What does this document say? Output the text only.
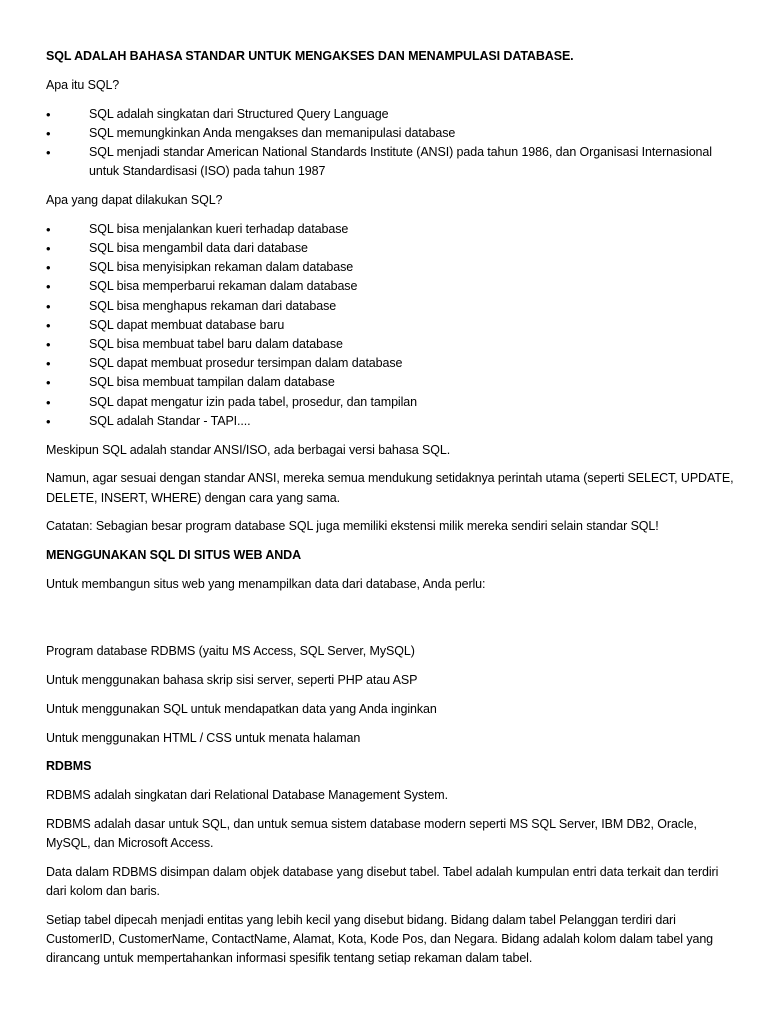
SQL ADALAH BAHASA STANDAR UNTUK MENGAKSES DAN MENAMPULASI DATABASE.

Apa itu SQL?

•	SQL adalah singkatan dari Structured Query Language
•	SQL memungkinkan Anda mengakses dan memanipulasi database
•	SQL menjadi standar American National Standards Institute (ANSI) pada tahun 1986, dan Organisasi Internasional untuk Standardisasi (ISO) pada tahun 1987

Apa yang dapat dilakukan SQL?

•	SQL bisa menjalankan kueri terhadap database
•	SQL bisa mengambil data dari database
•	SQL bisa menyisipkan rekaman dalam database
•	SQL bisa memperbarui rekaman dalam database
•	SQL bisa menghapus rekaman dari database
•	SQL dapat membuat database baru
•	SQL bisa membuat tabel baru dalam database
•	SQL dapat membuat prosedur tersimpan dalam database
•	SQL bisa membuat tampilan dalam database
•	SQL dapat mengatur izin pada tabel, prosedur, dan tampilan
•	SQL adalah Standar - TAPI....

Meskipun SQL adalah standar ANSI/ISO, ada berbagai versi bahasa SQL.

Namun, agar sesuai dengan standar ANSI, mereka semua mendukung setidaknya perintah utama (seperti SELECT, UPDATE, DELETE, INSERT, WHERE) dengan cara yang sama.

Catatan: Sebagian besar program database SQL juga memiliki ekstensi milik mereka sendiri selain standar SQL!

MENGGUNAKAN SQL DI SITUS WEB ANDA

Untuk membangun situs web yang menampilkan data dari database, Anda perlu:

Program database RDBMS (yaitu MS Access, SQL Server, MySQL)

Untuk menggunakan bahasa skrip sisi server, seperti PHP atau ASP

Untuk menggunakan SQL untuk mendapatkan data yang Anda inginkan

Untuk menggunakan HTML / CSS untuk menata halaman

RDBMS

RDBMS adalah singkatan dari Relational Database Management System.

RDBMS adalah dasar untuk SQL, dan untuk semua sistem database modern seperti MS SQL Server, IBM DB2, Oracle, MySQL, dan Microsoft Access.

Data dalam RDBMS disimpan dalam objek database yang disebut tabel. Tabel adalah kumpulan entri data terkait dan terdiri dari kolom dan baris.

Setiap tabel dipecah menjadi entitas yang lebih kecil yang disebut bidang. Bidang dalam tabel Pelanggan terdiri dari CustomerID, CustomerName, ContactName, Alamat, Kota, Kode Pos, dan Negara. Bidang adalah kolom dalam tabel yang dirancang untuk mempertahankan informasi spesifik tentang setiap rekaman dalam tabel.
